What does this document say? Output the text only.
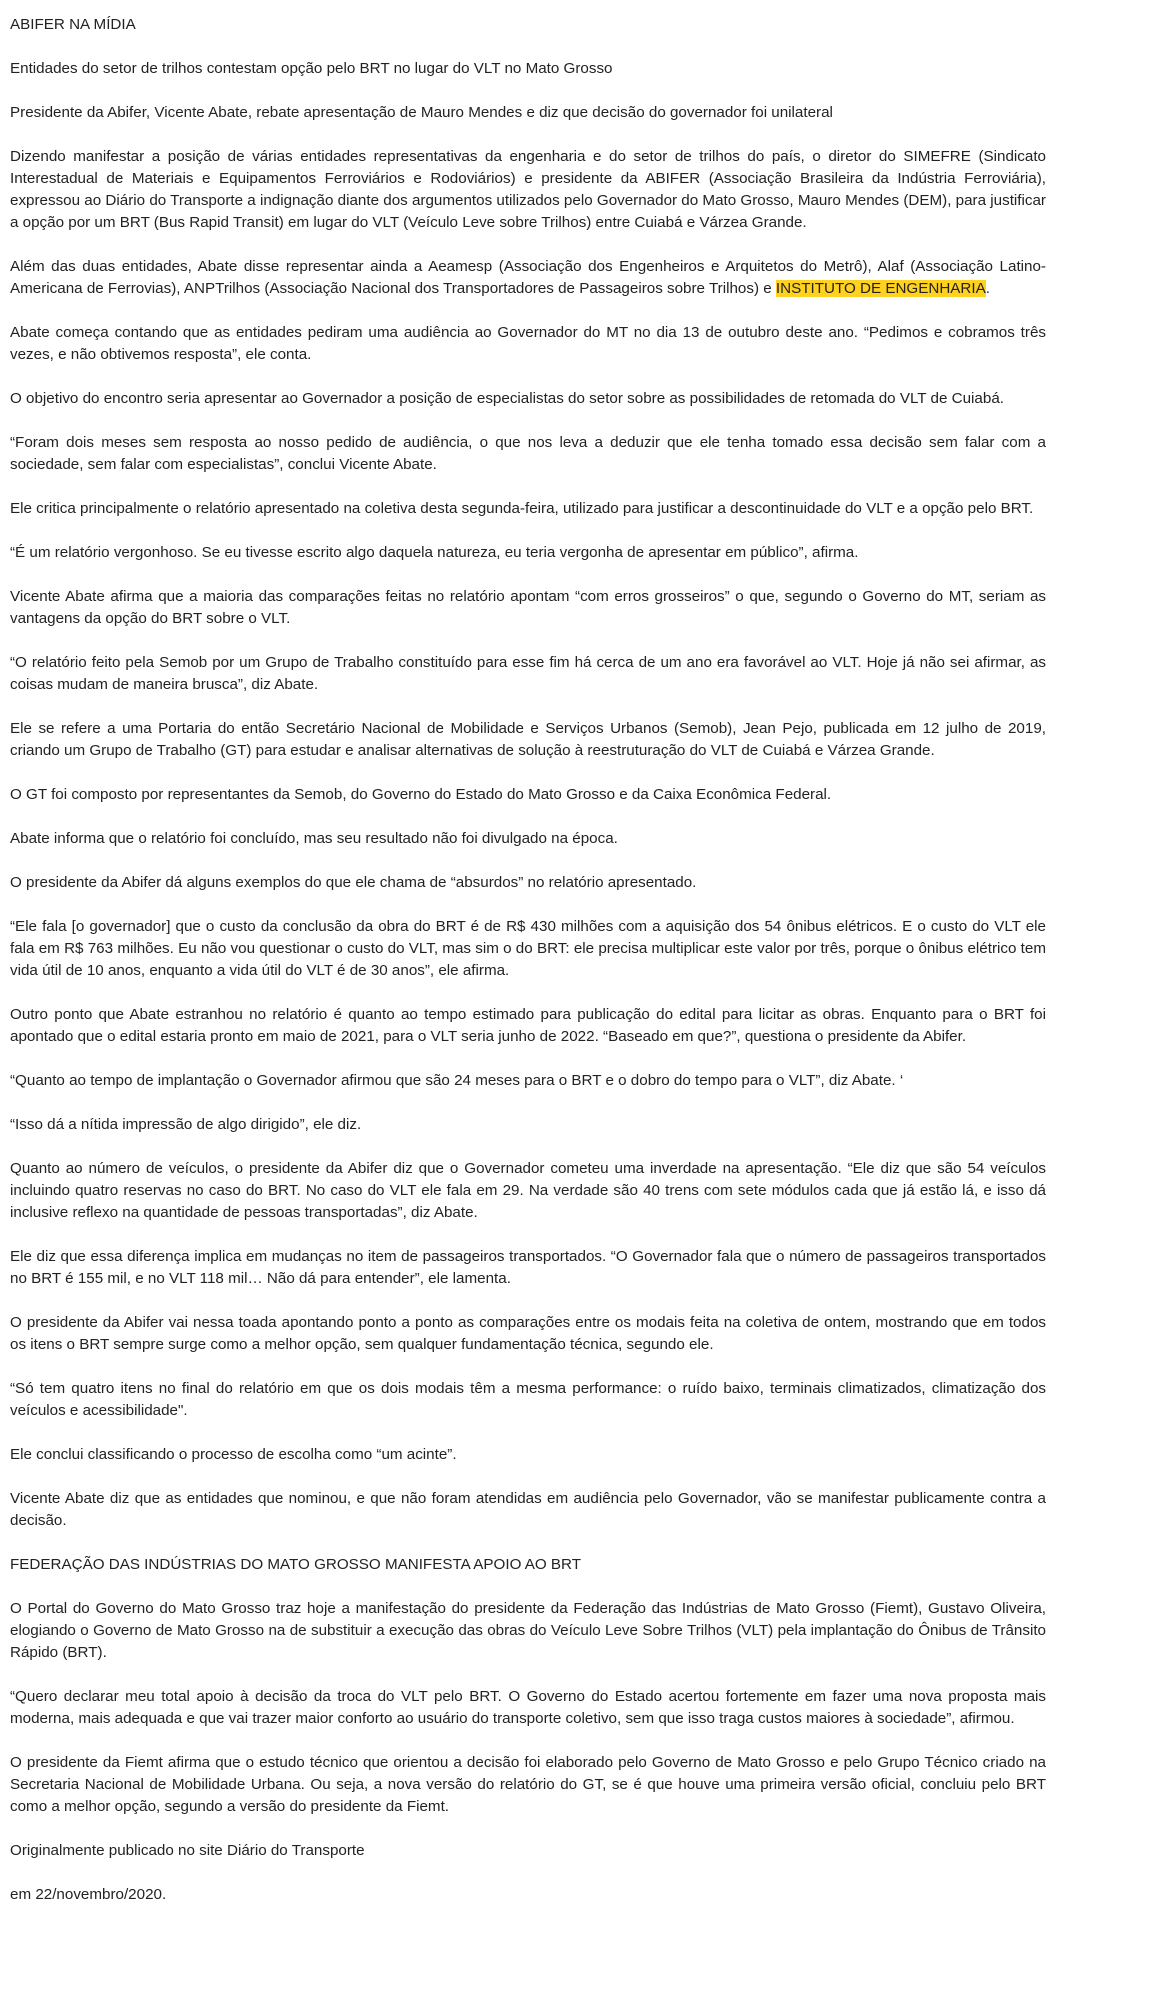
ABIFER NA MÍDIA

Entidades do setor de trilhos contestam opção pelo BRT no lugar do VLT no Mato Grosso

Presidente da Abifer, Vicente Abate, rebate apresentação de Mauro Mendes e diz que decisão do governador foi unilateral

Dizendo manifestar a posição de várias entidades representativas da engenharia e do setor de trilhos do país, o diretor do SIMEFRE (Sindicato Interestadual de Materiais e Equipamentos Ferroviários e Rodoviários) e presidente da ABIFER (Associação Brasileira da Indústria Ferroviária), expressou ao Diário do Transporte a indignação diante dos argumentos utilizados pelo Governador do Mato Grosso, Mauro Mendes (DEM), para justificar a opção por um BRT (Bus Rapid Transit) em lugar do VLT (Veículo Leve sobre Trilhos) entre Cuiabá e Várzea Grande.

Além das duas entidades, Abate disse representar ainda a Aeamesp (Associação dos Engenheiros e Arquitetos do Metrô), Alaf (Associação Latino-Americana de Ferrovias), ANPTrilhos (Associação Nacional dos Transportadores de Passageiros sobre Trilhos) e INSTITUTO DE ENGENHARIA.

Abate começa contando que as entidades pediram uma audiência ao Governador do MT no dia 13 de outubro deste ano. “Pedimos e cobramos três vezes, e não obtivemos resposta”, ele conta.

O objetivo do encontro seria apresentar ao Governador a posição de especialistas do setor sobre as possibilidades de retomada do VLT de Cuiabá.

“Foram dois meses sem resposta ao nosso pedido de audiência, o que nos leva a deduzir que ele tenha tomado essa decisão sem falar com a sociedade, sem falar com especialistas”, conclui Vicente Abate.

Ele critica principalmente o relatório apresentado na coletiva desta segunda-feira, utilizado para justificar a descontinuidade do VLT e a opção pelo BRT.

“É um relatório vergonhoso. Se eu tivesse escrito algo daquela natureza, eu teria vergonha de apresentar em público”, afirma.

Vicente Abate afirma que a maioria das comparações feitas no relatório apontam “com erros grosseiros” o que, segundo o Governo do MT, seriam as vantagens da opção do BRT sobre o VLT.

“O relatório feito pela Semob por um Grupo de Trabalho constituído para esse fim há cerca de um ano era favorável ao VLT. Hoje já não sei afirmar, as coisas mudam de maneira brusca”, diz Abate.

Ele se refere a uma Portaria do então Secretário Nacional de Mobilidade e Serviços Urbanos (Semob), Jean Pejo, publicada em 12 julho de 2019, criando um Grupo de Trabalho (GT) para estudar e analisar alternativas de solução à reestruturação do VLT de Cuiabá e Várzea Grande.

O GT foi composto por representantes da Semob, do Governo do Estado do Mato Grosso e da Caixa Econômica Federal.

Abate informa que o relatório foi concluído, mas seu resultado não foi divulgado na época.

O presidente da Abifer dá alguns exemplos do que ele chama de “absurdos” no relatório apresentado.

“Ele fala [o governador] que o custo da conclusão da obra do BRT é de R$ 430 milhões com a aquisição dos 54 ônibus elétricos. E o custo do VLT ele fala em R$ 763 milhões. Eu não vou questionar o custo do VLT, mas sim o do BRT: ele precisa multiplicar este valor por três, porque o ônibus elétrico tem vida útil de 10 anos, enquanto a vida útil do VLT é de 30 anos”, ele afirma.

Outro ponto que Abate estranhou no relatório é quanto ao tempo estimado para publicação do edital para licitar as obras. Enquanto para o BRT foi apontado que o edital estaria pronto em maio de 2021, para o VLT seria junho de 2022. “Baseado em que?”, questiona o presidente da Abifer.

“Quanto ao tempo de implantação o Governador afirmou que são 24 meses para o BRT e o dobro do tempo para o VLT”, diz Abate. ‘

“Isso dá a nítida impressão de algo dirigido”, ele diz.

Quanto ao número de veículos, o presidente da Abifer diz que o Governador cometeu uma inverdade na apresentação. “Ele diz que são 54 veículos incluindo quatro reservas no caso do BRT. No caso do VLT ele fala em 29. Na verdade são 40 trens com sete módulos cada que já estão lá, e isso dá inclusive reflexo na quantidade de pessoas transportadas”, diz Abate.

Ele diz que essa diferença implica em mudanças no item de passageiros transportados. “O Governador fala que o número de passageiros transportados no BRT é 155 mil, e no VLT 118 mil… Não dá para entender”, ele lamenta.

O presidente da Abifer vai nessa toada apontando ponto a ponto as comparações entre os modais feita na coletiva de ontem, mostrando que em todos os itens o BRT sempre surge como a melhor opção, sem qualquer fundamentação técnica, segundo ele.

“Só tem quatro itens no final do relatório em que os dois modais têm a mesma performance: o ruído baixo, terminais climatizados, climatização dos veículos e acessibilidade".

Ele conclui classificando o processo de escolha como “um acinte”.

Vicente Abate diz que as entidades que nominou, e que não foram atendidas em audiência pelo Governador, vão se manifestar publicamente contra a decisão.

FEDERAÇÃO DAS INDÚSTRIAS DO MATO GROSSO MANIFESTA APOIO AO BRT

O Portal do Governo do Mato Grosso traz hoje a manifestação do presidente da Federação das Indústrias de Mato Grosso (Fiemt), Gustavo Oliveira, elogiando o Governo de Mato Grosso na de substituir a execução das obras do Veículo Leve Sobre Trilhos (VLT) pela implantação do Ônibus de Trânsito Rápido (BRT).

“Quero declarar meu total apoio à decisão da troca do VLT pelo BRT. O Governo do Estado acertou fortemente em fazer uma nova proposta mais moderna, mais adequada e que vai trazer maior conforto ao usuário do transporte coletivo, sem que isso traga custos maiores à sociedade”, afirmou.

O presidente da Fiemt afirma que o estudo técnico que orientou a decisão foi elaborado pelo Governo de Mato Grosso e pelo Grupo Técnico criado na Secretaria Nacional de Mobilidade Urbana. Ou seja, a nova versão do relatório do GT, se é que houve uma primeira versão oficial, concluiu pelo BRT como a melhor opção, segundo a versão do presidente da Fiemt.

Originalmente publicado no site Diário do Transporte

em 22/novembro/2020.
